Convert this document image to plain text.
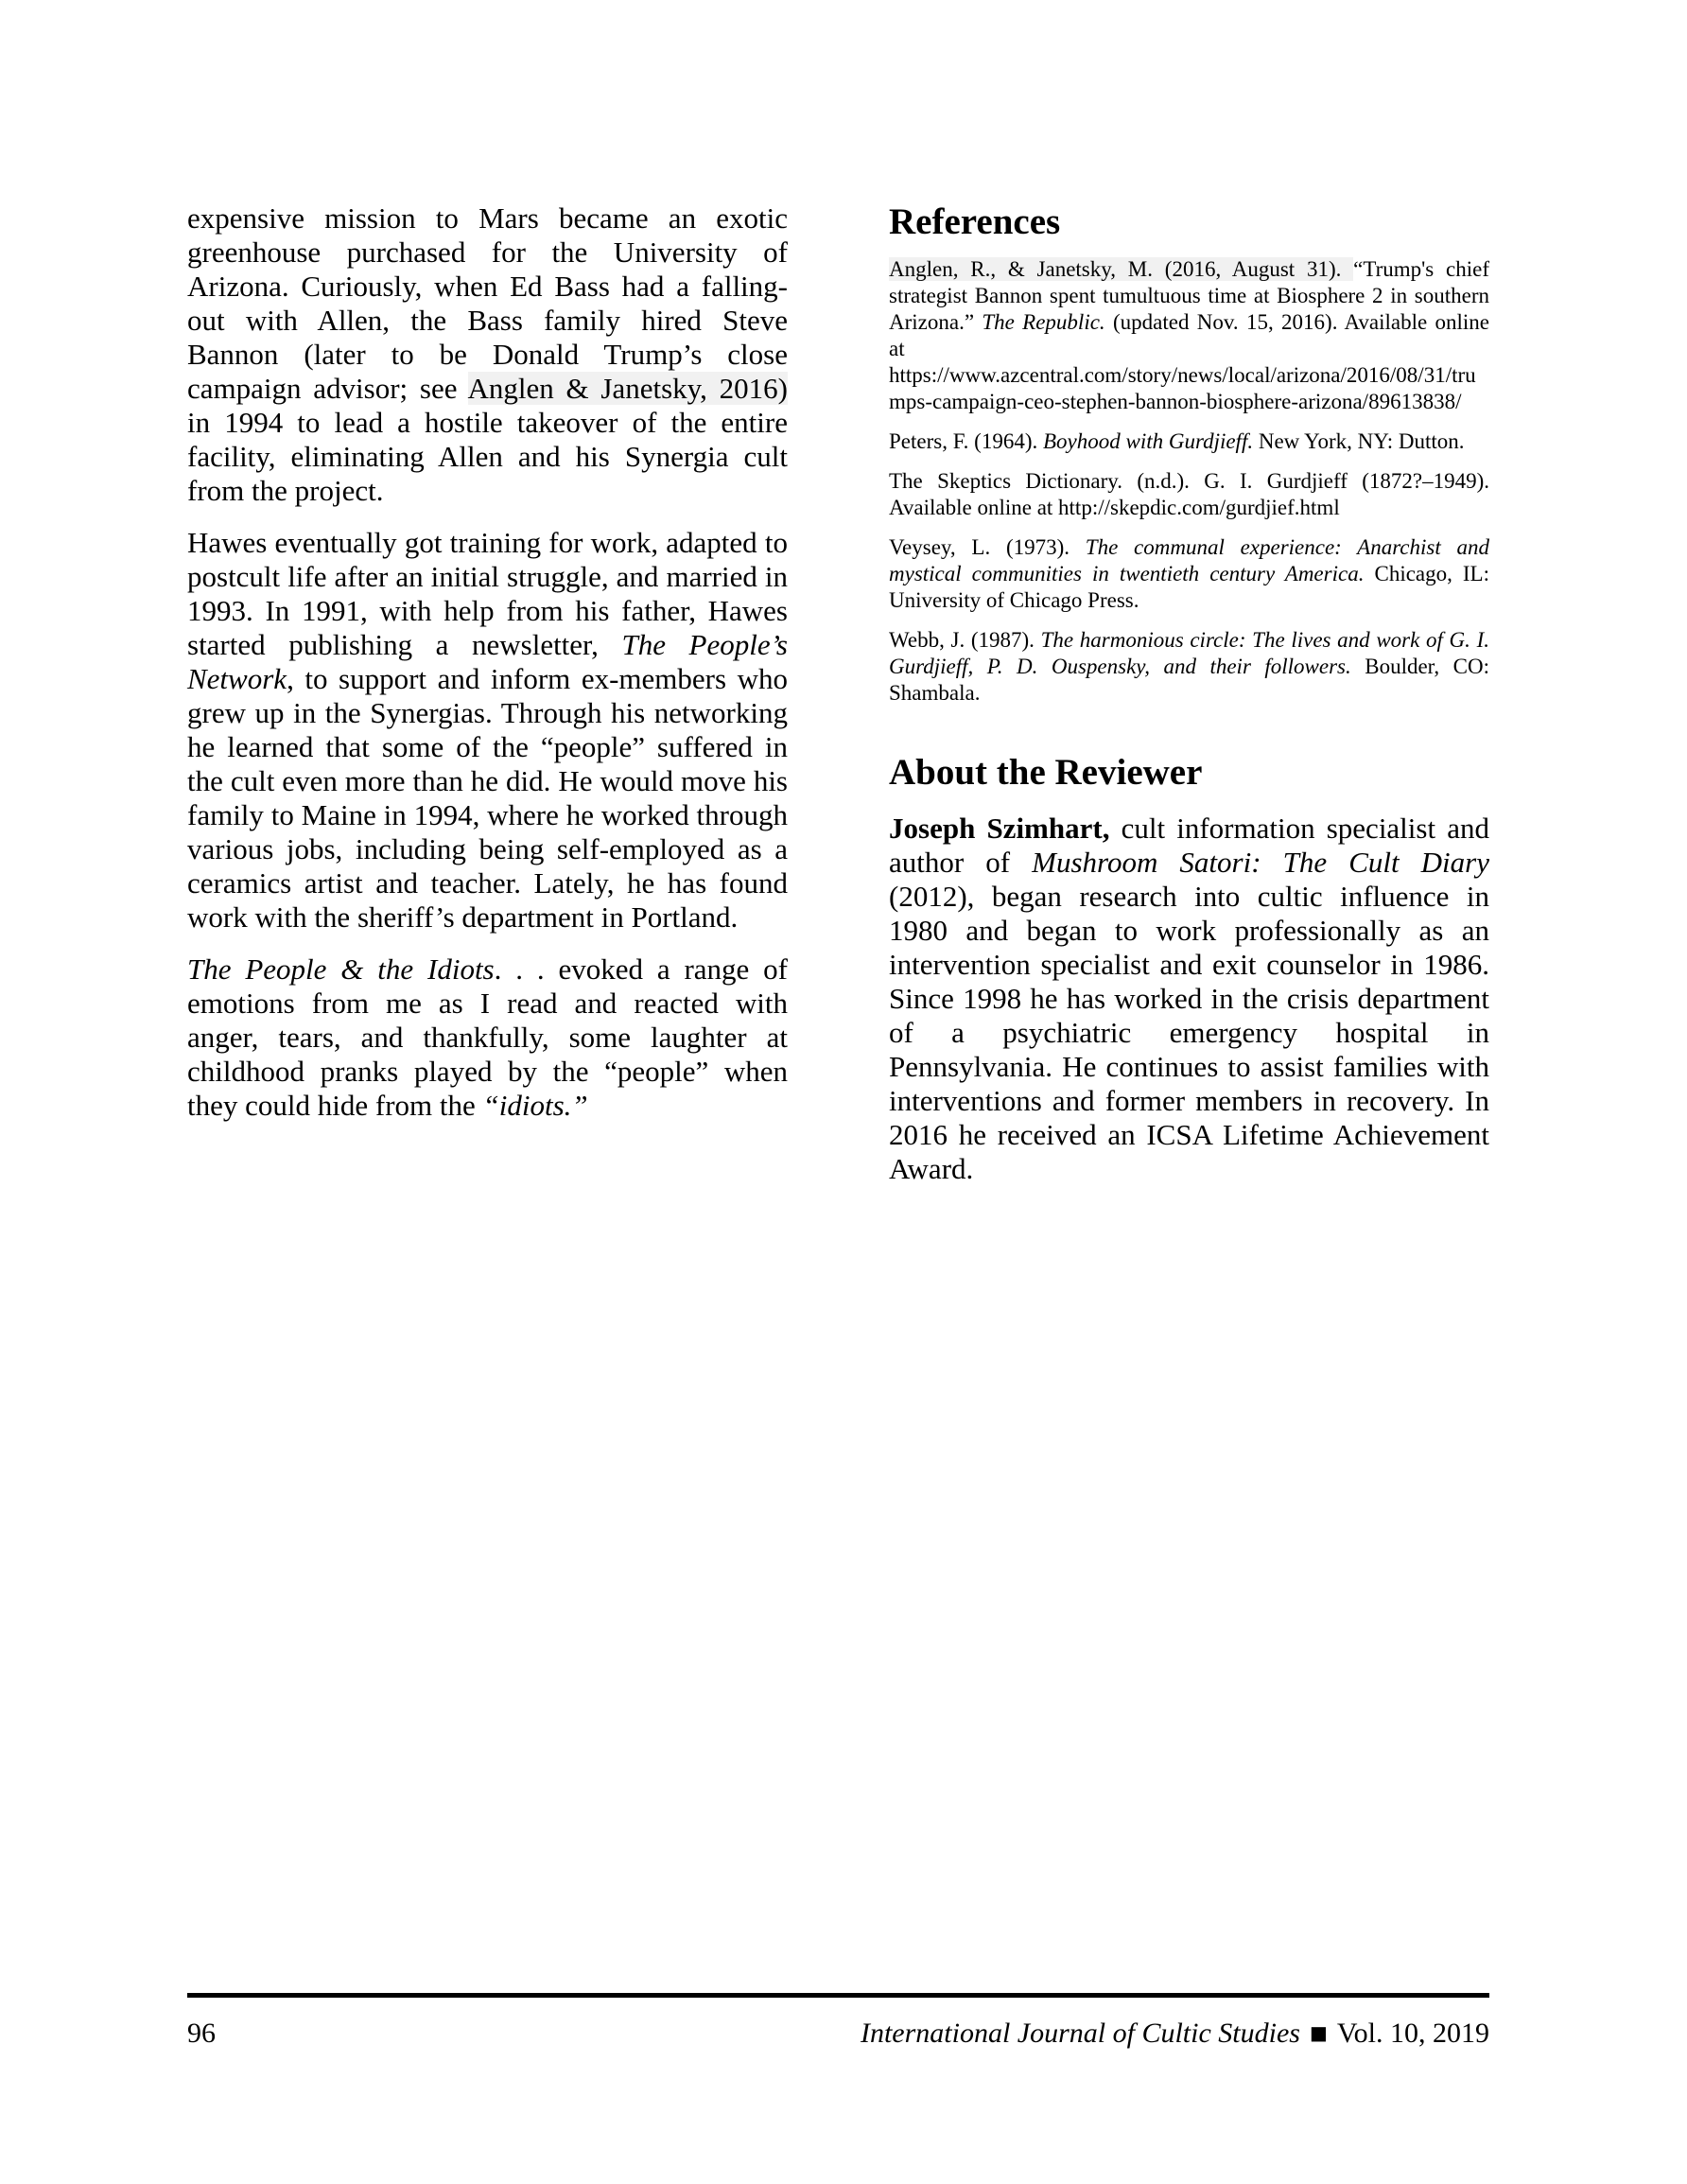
expensive mission to Mars became an exotic greenhouse purchased for the University of Arizona. Curiously, when Ed Bass had a falling-out with Allen, the Bass family hired Steve Bannon (later to be Donald Trump’s close campaign advisor; see Anglen & Janetsky, 2016) in 1994 to lead a hostile takeover of the entire facility, eliminating Allen and his Synergia cult from the project.

Hawes eventually got training for work, adapted to postcult life after an initial struggle, and married in 1993. In 1991, with help from his father, Hawes started publishing a newsletter, The People’s Network, to support and inform ex-members who grew up in the Synergias. Through his networking he learned that some of the “people” suffered in the cult even more than he did. He would move his family to Maine in 1994, where he worked through various jobs, including being self-employed as a ceramics artist and teacher. Lately, he has found work with the sheriff’s department in Portland.

The People & the Idiots. . . evoked a range of emotions from me as I read and reacted with anger, tears, and thankfully, some laughter at childhood pranks played by the “people” when they could hide from the “idiots.”

References

Anglen, R., & Janetsky, M. (2016, August 31). “Trump's chief strategist Bannon spent tumultuous time at Biosphere 2 in southern Arizona.” The Republic. (updated Nov. 15, 2016). Available online at https://www.azcentral.com/story/news/local/arizona/2016/08/31/trumps-campaign-ceo-stephen-bannon-biosphere-arizona/89613838/

Peters, F. (1964). Boyhood with Gurdjieff. New York, NY: Dutton.

The Skeptics Dictionary. (n.d.). G. I. Gurdjieff (1872?–1949). Available online at http://skepdic.com/gurdjief.html

Veysey, L. (1973). The communal experience: Anarchist and mystical communities in twentieth century America. Chicago, IL: University of Chicago Press.

Webb, J. (1987). The harmonious circle: The lives and work of G. I. Gurdjieff, P. D. Ouspensky, and their followers. Boulder, CO: Shambala.

About the Reviewer

Joseph Szimhart, cult information specialist and author of Mushroom Satori: The Cult Diary (2012), began research into cultic influence in 1980 and began to work professionally as an intervention specialist and exit counselor in 1986. Since 1998 he has worked in the crisis department of a psychiatric emergency hospital in Pennsylvania. He continues to assist families with interventions and former members in recovery. In 2016 he received an ICSA Lifetime Achievement Award.

96	International Journal of Cultic Studies ■ Vol. 10, 2019
